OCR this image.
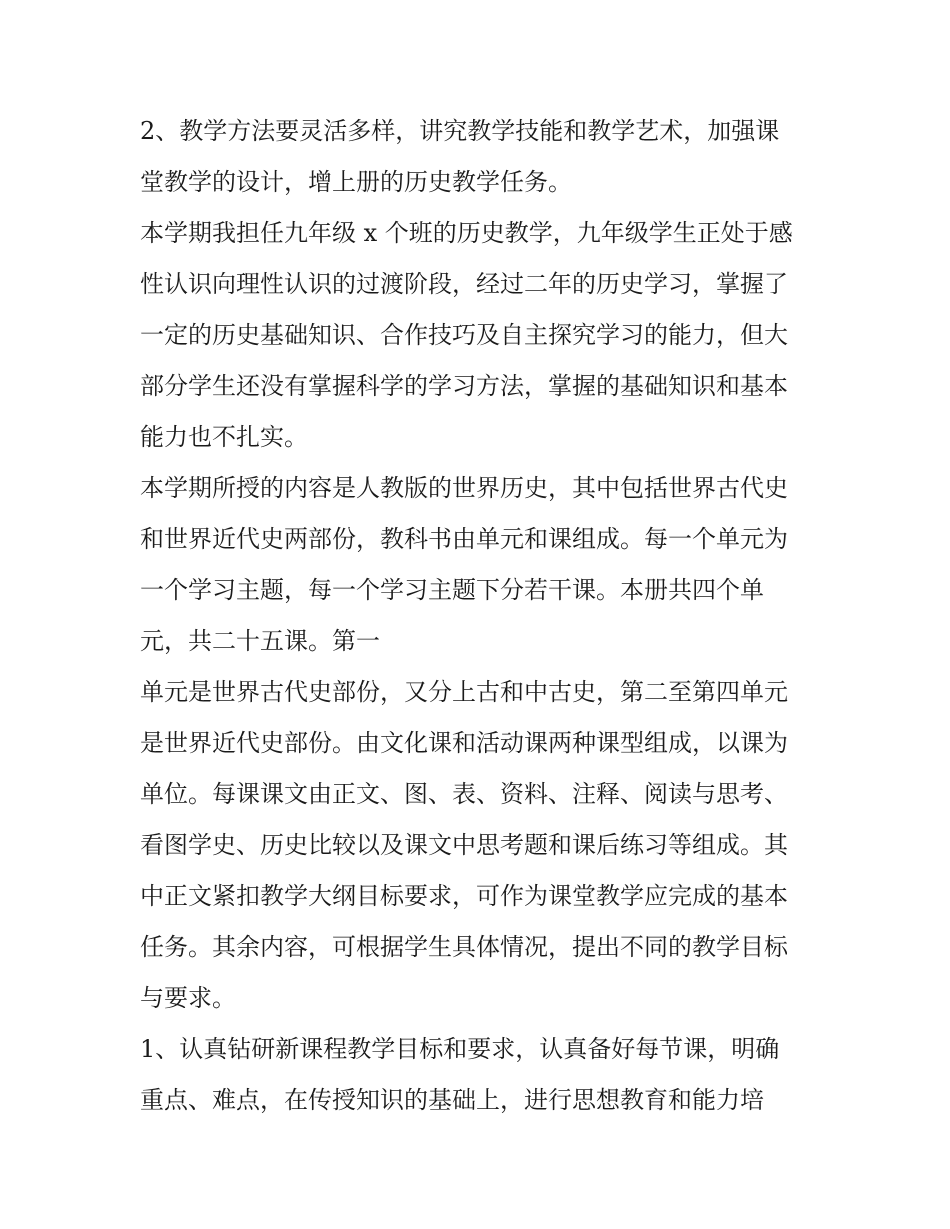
2、教学方法要灵活多样，讲究教学技能和教学艺术，加强课
堂教学的设计，增上册的历史教学任务。

本学期我担任九年级 x 个班的历史教学，九年级学生正处于感
性认识向理性认识的过渡阶段，经过二年的历史学习，掌握了
一定的历史基础知识、合作技巧及自主探究学习的能力，但大
部分学生还没有掌握科学的学习方法，掌握的基础知识和基本
能力也不扎实。

本学期所授的内容是人教版的世界历史，其中包括世界古代史
和世界近代史两部份，教科书由单元和课组成。每一个单元为
一个学习主题，每一个学习主题下分若干课。本册共四个单
元，共二十五课。第一

单元是世界古代史部份，又分上古和中古史，第二至第四单元
是世界近代史部份。由文化课和活动课两种课型组成，以课为
单位。每课课文由正文、图、表、资料、注释、阅读与思考、
看图学史、历史比较以及课文中思考题和课后练习等组成。其
中正文紧扣教学大纲目标要求，可作为课堂教学应完成的基本
任务。其余内容，可根据学生具体情况，提出不同的教学目标
与要求。

1、认真钻研新课程教学目标和要求，认真备好每节课，明确
重点、难点，在传授知识的基础上，进行思想教育和能力培
